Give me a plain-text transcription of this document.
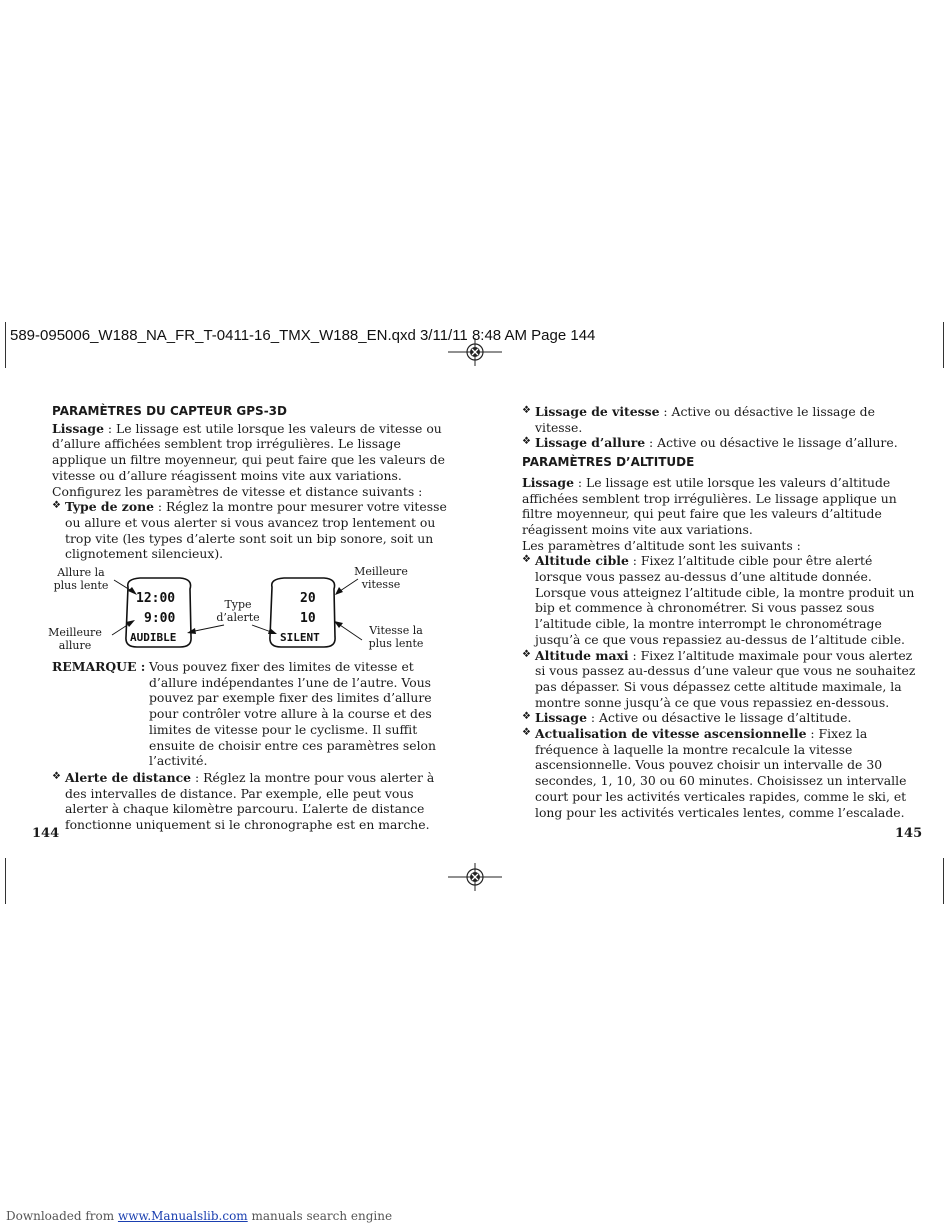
589-095006_W188_NA_FR_T-0411-16_TMX_W188_EN.qxd 3/11/11 8:48 AM Page 144

PARAMÈTRES DU CAPTEUR GPS-3D

Lissage : Le lissage est utile lorsque les valeurs de vitesse ou d’allure affichées semblent trop irrégulières. Le lissage applique un filtre moyenneur, qui peut faire que les valeurs de vitesse ou d’allure réagissent moins vite aux variations.

Configurez les paramètres de vitesse et distance suivants :

❖ Type de zone : Réglez la montre pour mesurer votre vitesse ou allure et vous alerter si vous avancez trop lentement ou trop vite (les types d’alerte sont soit un bip sonore, soit un clignotement silencieux).

Allure la plus lente
Meilleure allure
Type d’alerte
Meilleure vitesse
Vitesse la plus lente
12:00
9:00
AUDIBLE
20
10
SILENT

REMARQUE : Vous pouvez fixer des limites de vitesse et d’allure indépendantes l’une de l’autre. Vous pouvez par exemple fixer des limites d’allure pour contrôler votre allure à la course et des limites de vitesse pour le cyclisme. Il suffit ensuite de choisir entre ces paramètres selon l’activité.

❖ Alerte de distance : Réglez la montre pour vous alerter à des intervalles de distance. Par exemple, elle peut vous alerter à chaque kilomètre parcouru. L’alerte de distance fonctionne uniquement si le chronographe est en marche.

144

❖ Lissage de vitesse : Active ou désactive le lissage de vitesse.

❖ Lissage d’allure : Active ou désactive le lissage d’allure.

PARAMÈTRES D’ALTITUDE

Lissage : Le lissage est utile lorsque les valeurs d’altitude affichées semblent trop irrégulières. Le lissage applique un filtre moyenneur, qui peut faire que les valeurs d’altitude réagissent moins vite aux variations.

Les paramètres d’altitude sont les suivants :

❖ Altitude cible : Fixez l’altitude cible pour être alerté lorsque vous passez au-dessus d’une altitude donnée. Lorsque vous atteignez l’altitude cible, la montre produit un bip et commence à chronométrer. Si vous passez sous l’altitude cible, la montre interrompt le chronométrage jusqu’à ce que vous repassiez au-dessus de l’altitude cible.

❖ Altitude maxi : Fixez l’altitude maximale pour vous alertez si vous passez au-dessus d’une valeur que vous ne souhaitez pas dépasser. Si vous dépassez cette altitude maximale, la montre sonne jusqu’à ce que vous repassiez en-dessous.

❖ Lissage : Active ou désactive le lissage d’altitude.

❖ Actualisation de vitesse ascensionnelle : Fixez la fréquence à laquelle la montre recalcule la vitesse ascensionnelle. Vous pouvez choisir un intervalle de 30 secondes, 1, 10, 30 ou 60 minutes. Choisissez un intervalle court pour les activités verticales rapides, comme le ski, et long pour les activités verticales lentes, comme l’escalade.

145
Downloaded from www.Manualslib.com manuals search engine
